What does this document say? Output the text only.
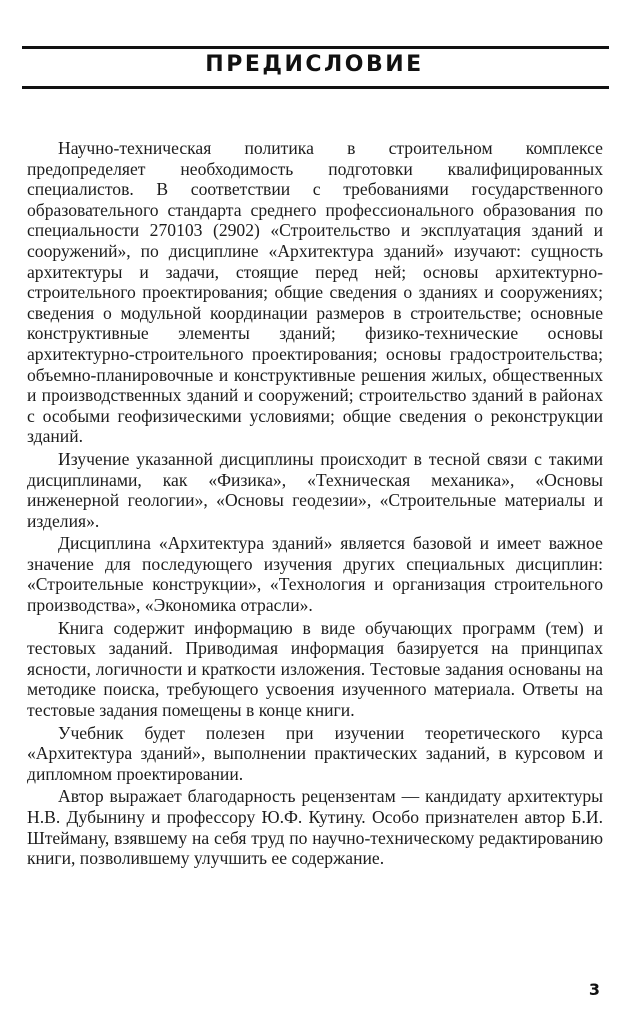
ПРЕДИСЛОВИЕ

Научно-техническая политика в строительном комплексе предопределяет необходимость подготовки квалифицированных специалистов. В соответствии с требованиями государственного образовательного стандарта среднего профессионального образования по специальности 270103 (2902) «Строительство и эксплуатация зданий и сооружений», по дисциплине «Архитектура зданий» изучают: сущность архитектуры и задачи, стоящие перед ней; основы архитектурно-строительного проектирования; общие сведения о зданиях и сооружениях; сведения о модульной координации размеров в строительстве; основные конструктивные элементы зданий; физико-технические основы архитектурно-строительного проектирования; основы градостроительства; объемно-планировочные и конструктивные решения жилых, общественных и производственных зданий и сооружений; строительство зданий в районах с особыми геофизическими условиями; общие сведения о реконструкции зданий.

Изучение указанной дисциплины происходит в тесной связи с такими дисциплинами, как «Физика», «Техническая механика», «Основы инженерной геологии», «Основы геодезии», «Строительные материалы и изделия».

Дисциплина «Архитектура зданий» является базовой и имеет важное значение для последующего изучения других специальных дисциплин: «Строительные конструкции», «Технология и организация строительного производства», «Экономика отрасли».

Книга содержит информацию в виде обучающих программ (тем) и тестовых заданий. Приводимая информация базируется на принципах ясности, логичности и краткости изложения. Тестовые задания основаны на методике поиска, требующего усвоения изученного материала. Ответы на тестовые задания помещены в конце книги.

Учебник будет полезен при изучении теоретического курса «Архитектура зданий», выполнении практических заданий, в курсовом и дипломном проектировании.

Автор выражает благодарность рецензентам — кандидату архитектуры Н.В. Дубынину и профессору Ю.Ф. Кутину. Особо признателен автор Б.И. Штейману, взявшему на себя труд по научно-техническому редактированию книги, позволившему улучшить ее содержание.

3
